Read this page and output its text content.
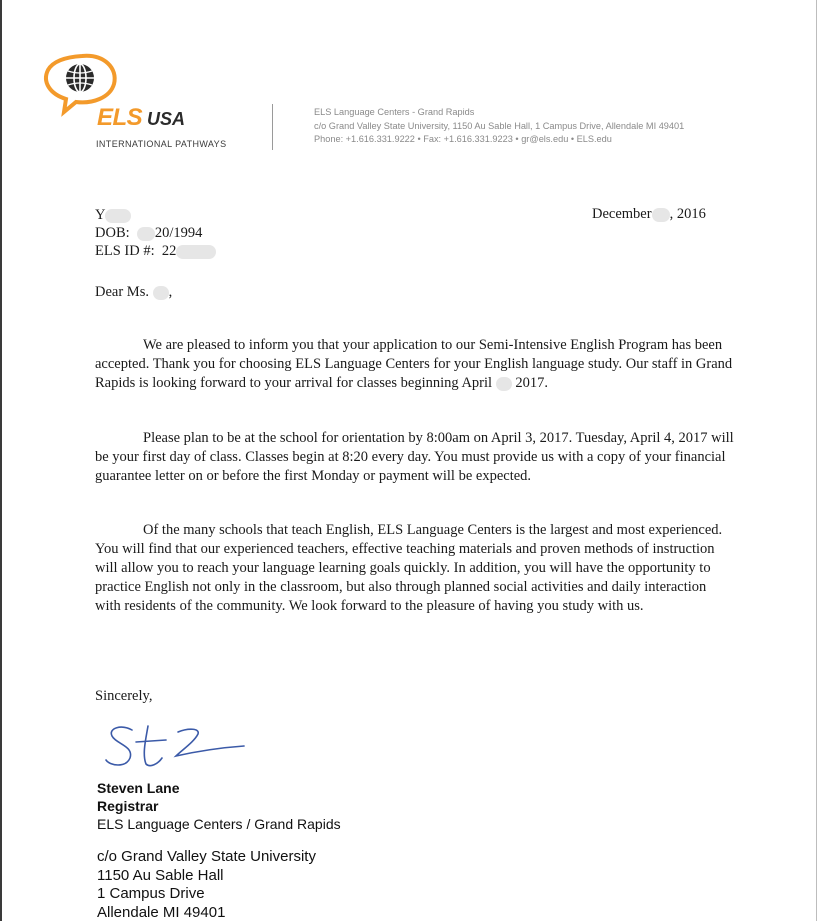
ELS USA
INTERNATIONAL PATHWAYS
ELS Language Centers - Grand Rapids
c/o Grand Valley State University, 1150 Au Sable Hall, 1 Campus Drive, Allendale MI 49401
Phone: +1.616.331.9222 • Fax: +1.616.331.9223 • gr@els.edu • ELS.edu
Y
DOB: 20/1994
ELS ID #: 22
December , 2016
Dear Ms. ,
We are pleased to inform you that your application to our Semi-Intensive English Program has been accepted. Thank you for choosing ELS Language Centers for your English language study. Our staff in Grand Rapids is looking forward to your arrival for classes beginning April 2017.
Please plan to be at the school for orientation by 8:00am on April 3, 2017. Tuesday, April 4, 2017 will be your first day of class. Classes begin at 8:20 every day. You must provide us with a copy of your financial guarantee letter on or before the first Monday or payment will be expected.
Of the many schools that teach English, ELS Language Centers is the largest and most experienced. You will find that our experienced teachers, effective teaching materials and proven methods of instruction will allow you to reach your language learning goals quickly. In addition, you will have the opportunity to practice English not only in the classroom, but also through planned social activities and daily interaction with residents of the community. We look forward to the pleasure of having you study with us.
Sincerely,
Steven Lane
Registrar
ELS Language Centers / Grand Rapids
c/o Grand Valley State University
1150 Au Sable Hall
1 Campus Drive
Allendale MI 49401
